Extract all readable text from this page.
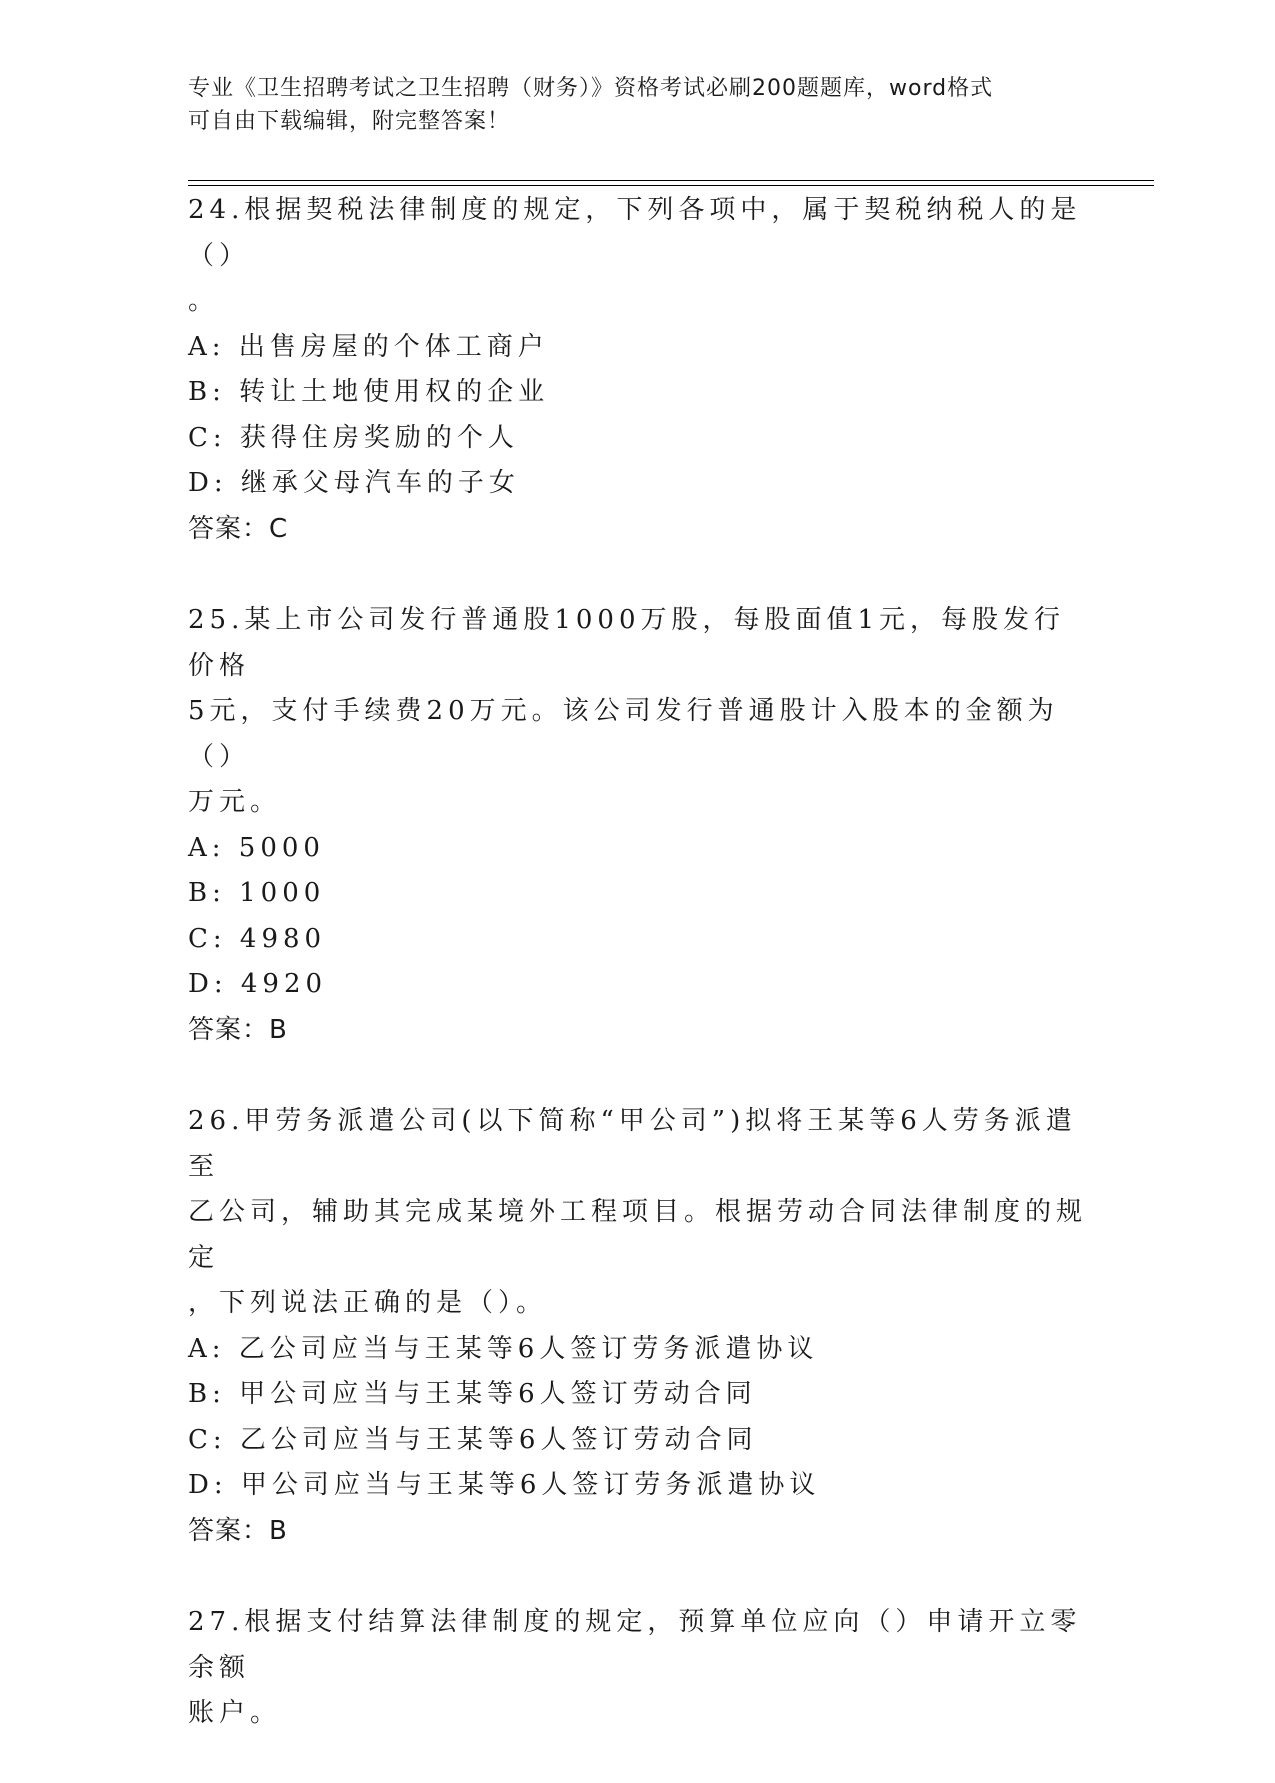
专业《卫生招聘考试之卫生招聘（财务）》资格考试必刷200题题库，word格式
可自由下载编辑，附完整答案！
24.根据契税法律制度的规定，下列各项中，属于契税纳税人的是（）
。
A: 出售房屋的个体工商户
B: 转让土地使用权的企业
C: 获得住房奖励的个人
D: 继承父母汽车的子女
答案：C
25.某上市公司发行普通股1000万股，每股面值1元，每股发行价格
5元，支付手续费20万元。该公司发行普通股计入股本的金额为（）
万元。
A: 5000
B: 1000
C: 4980
D: 4920
答案：B
26.甲劳务派遣公司(以下简称“甲公司”)拟将王某等6人劳务派遣至
乙公司，辅助其完成某境外工程项目。根据劳动合同法律制度的规定
，下列说法正确的是（）。
A: 乙公司应当与王某等6人签订劳务派遣协议
B: 甲公司应当与王某等6人签订劳动合同
C: 乙公司应当与王某等6人签订劳动合同
D: 甲公司应当与王某等6人签订劳务派遣协议
答案：B
27.根据支付结算法律制度的规定，预算单位应向（）申请开立零余额
账户。
